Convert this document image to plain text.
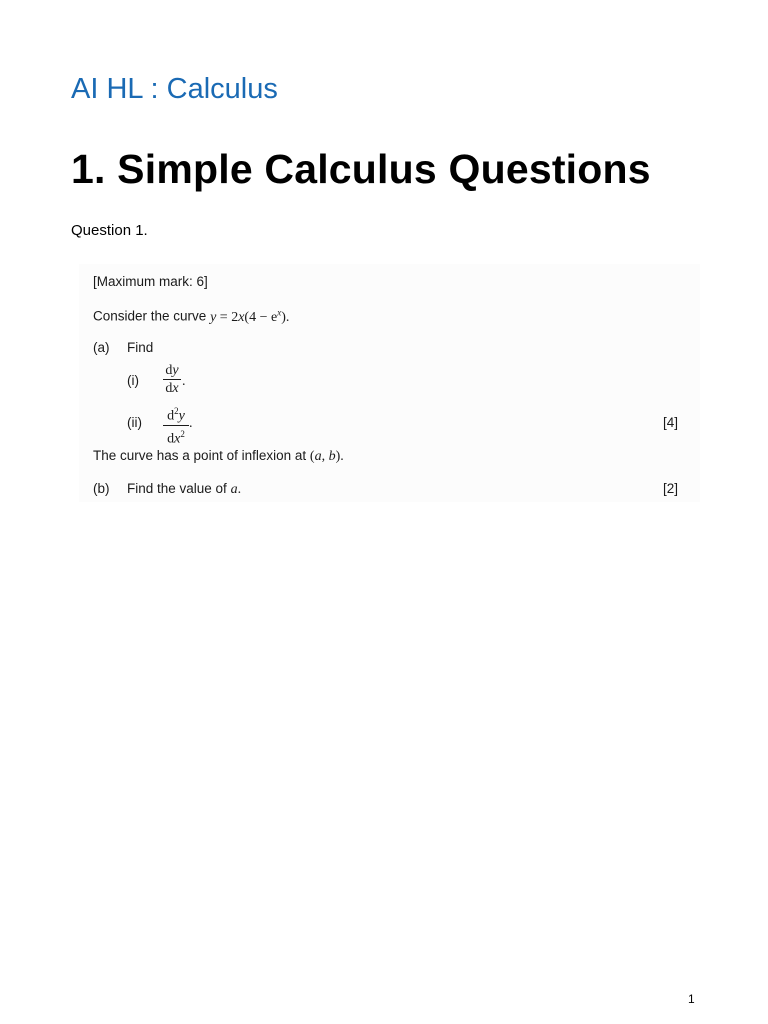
AI HL : Calculus
1. Simple Calculus Questions

Question 1.

[Maximum mark: 6]
Consider the curve $y = 2x(4 - e^x)$.
(a) Find
(i)
dy
dx .
(ii) $d^2y$
$dx^2$
.	[4]
The curve has a point of inflexion at (a, b).
(b) Find the value of a.	[2]
1
